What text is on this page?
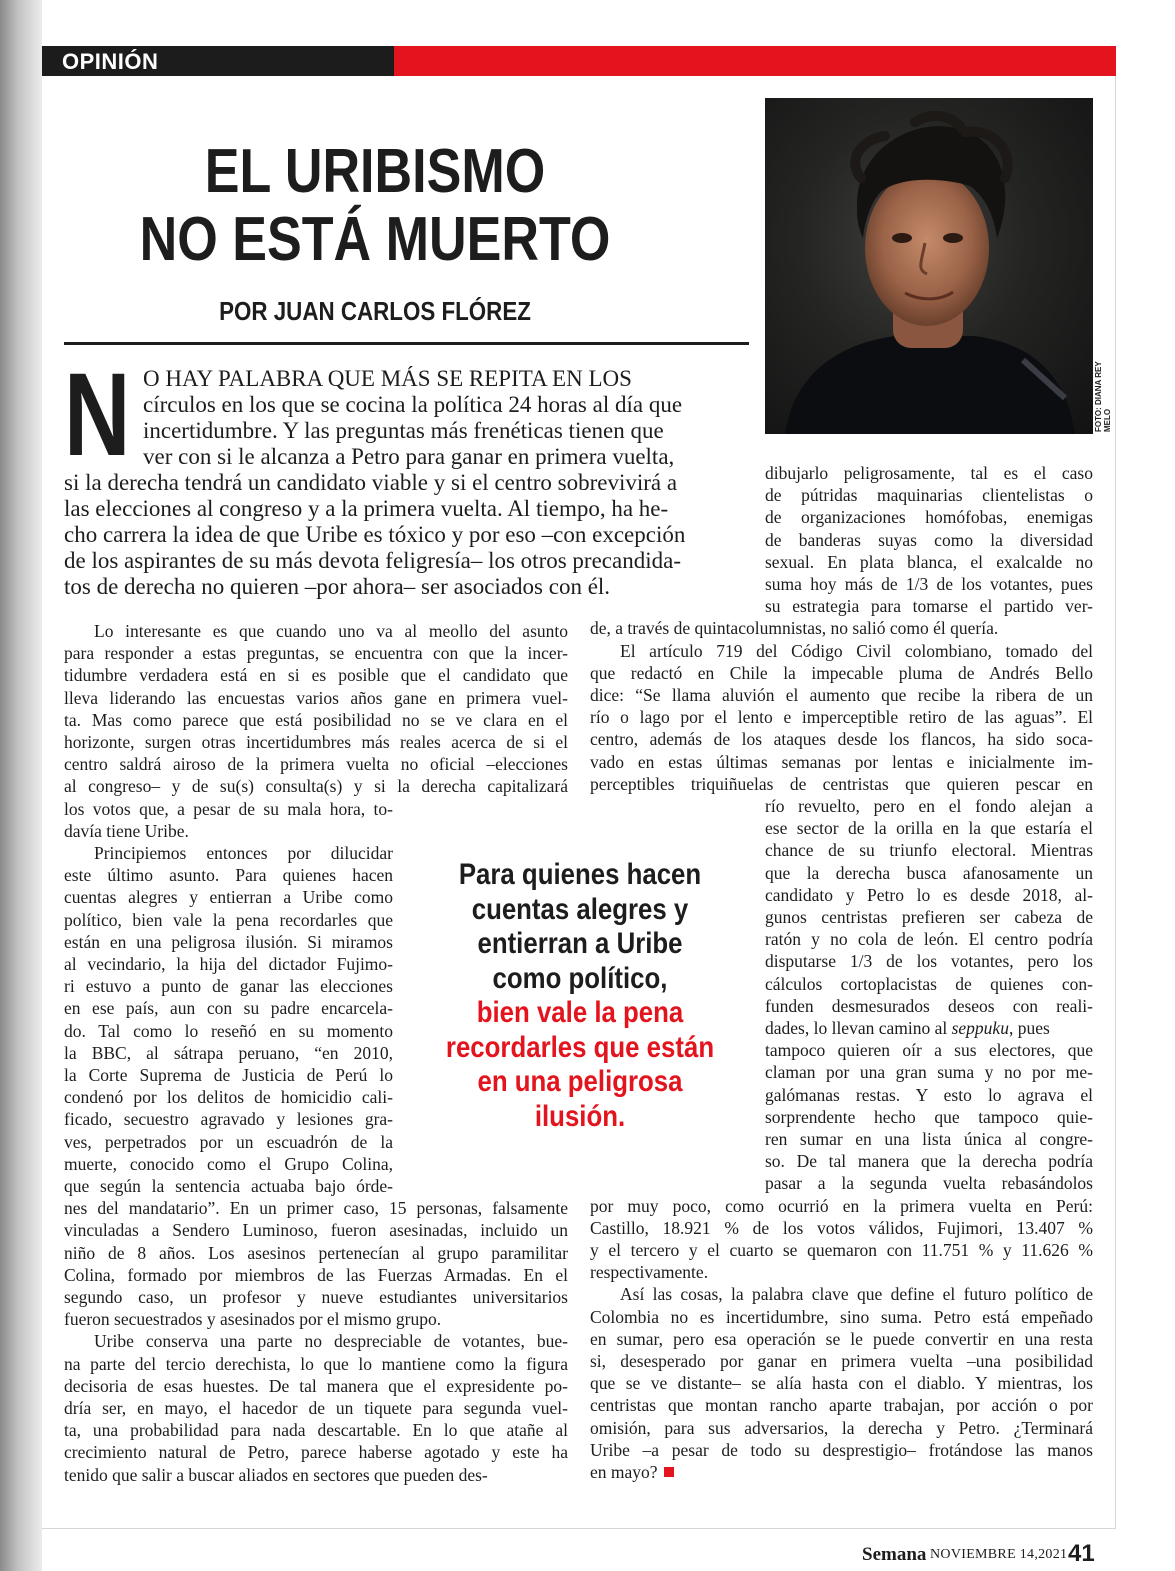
OPINIÓN
EL URIBISMO
NO ESTÁ MUERTO

POR JUAN CARLOS FLÓREZ

FOTO: DIANA REY MELO
N O HAY PALABRA QUE MÁS SE REPITA EN LOS

círculos en los que se cocina la política 24 horas al día que

incertidumbre. Y las preguntas más frenéticas tienen que

ver con si le alcanza a Petro para ganar en primera vuelta,

si la derecha tendrá un candidato viable y si el centro sobrevivirá a

las elecciones al congreso y a la primera vuelta. Al tiempo, ha he-

cho carrera la idea de que Uribe es tóxico y por eso –con excepción

de los aspirantes de su más devota feligresía– los otros precandida-

tos de derecha no quieren –por ahora– ser asociados con él.

Lo interesante es que cuando uno va al meollo del asunto

para responder a estas preguntas, se encuentra con que la incer-

tidumbre verdadera está en si es posible que el candidato que

lleva liderando las encuestas varios años gane en primera vuel-

ta. Mas como parece que está posibilidad no se ve clara en el

horizonte, surgen otras incertidumbres más reales acerca de si el

centro saldrá airoso de la primera vuelta no oficial –elecciones

al congreso– y de su(s) consulta(s) y si la derecha capitalizará

los votos que, a pesar de su mala hora, to-

davía tiene Uribe.

Principiemos entonces por dilucidar

este último asunto. Para quienes hacen

cuentas alegres y entierran a Uribe como

político, bien vale la pena recordarles que

están en una peligrosa ilusión. Si miramos

al vecindario, la hija del dictador Fujimo-

ri estuvo a punto de ganar las elecciones

en ese país, aun con su padre encarcela-

do. Tal como lo reseñó en su momento

la BBC, al sátrapa peruano, “en 2010,

la Corte Suprema de Justicia de Perú lo

condenó por los delitos de homicidio cali-

ficado, secuestro agravado y lesiones gra-

ves, perpetrados por un escuadrón de la

muerte, conocido como el Grupo Colina,

que según la sentencia actuaba bajo órde-

nes del mandatario”. En un primer caso, 15 personas, falsamente

vinculadas a Sendero Luminoso, fueron asesinadas, incluido un

niño de 8 años. Los asesinos pertenecían al grupo paramilitar

Colina, formado por miembros de las Fuerzas Armadas. En el

segundo caso, un profesor y nueve estudiantes universitarios

fueron secuestrados y asesinados por el mismo grupo.

Uribe conserva una parte no despreciable de votantes, bue-

na parte del tercio derechista, lo que lo mantiene como la figura

decisoria de esas huestes. De tal manera que el expresidente po-

dría ser, en mayo, el hacedor de un tiquete para segunda vuel-

ta, una probabilidad para nada descartable. En lo que atañe al

crecimiento natural de Petro, parece haberse agotado y este ha

tenido que salir a buscar aliados en sectores que pueden des-

dibujarlo peligrosamente, tal es el caso

de pútridas maquinarias clientelistas o

de organizaciones homófobas, enemigas

de banderas suyas como la diversidad

sexual. En plata blanca, el exalcalde no

suma hoy más de 1/3 de los votantes, pues

su estrategia para tomarse el partido ver-

de, a través de quintacolumnistas, no salió como él quería.

El artículo 719 del Código Civil colombiano, tomado del

que redactó en Chile la impecable pluma de Andrés Bello

dice: “Se llama aluvión el aumento que recibe la ribera de un

río o lago por el lento e imperceptible retiro de las aguas”. El

centro, además de los ataques desde los flancos, ha sido soca-

vado en estas últimas semanas por lentas e inicialmente im-

perceptibles triquiñuelas de centristas que quieren pescar en

río revuelto, pero en el fondo alejan a

ese sector de la orilla en la que estaría el

chance de su triunfo electoral. Mientras

que la derecha busca afanosamente un

candidato y Petro lo es desde 2018, al-

gunos centristas prefieren ser cabeza de

ratón y no cola de león. El centro podría

disputarse 1/3 de los votantes, pero los

cálculos cortoplacistas de quienes con-

funden desmesurados deseos con reali-

dades, lo llevan camino al seppuku, pues

tampoco quieren oír a sus electores, que

claman por una gran suma y no por me-

galómanas restas. Y esto lo agrava el

sorprendente hecho que tampoco quie-

ren sumar en una lista única al congre-

so. De tal manera que la derecha podría

pasar a la segunda vuelta rebasándolos

por muy poco, como ocurrió en la primera vuelta en Perú:

Castillo, 18.921 % de los votos válidos, Fujimori, 13.407 %

y el tercero y el cuarto se quemaron con 11.751 % y 11.626 %

respectivamente.

Así las cosas, la palabra clave que define el futuro político de

Colombia no es incertidumbre, sino suma. Petro está empeñado

en sumar, pero esa operación se le puede convertir en una resta

si, desesperado por ganar en primera vuelta –una posibilidad

que se ve distante– se alía hasta con el diablo. Y mientras, los

centristas que montan rancho aparte trabajan, por acción o por

omisión, para sus adversarios, la derecha y Petro. ¿Terminará

Uribe –a pesar de todo su desprestigio– frotándose las manos

en mayo?

Para quienes hacen
cuentas alegres y
entierran a Uribe
como político,
bien vale la pena
recordarles que están
en una peligrosa
ilusión.
Semana NOVIEMBRE 14,2021 41
